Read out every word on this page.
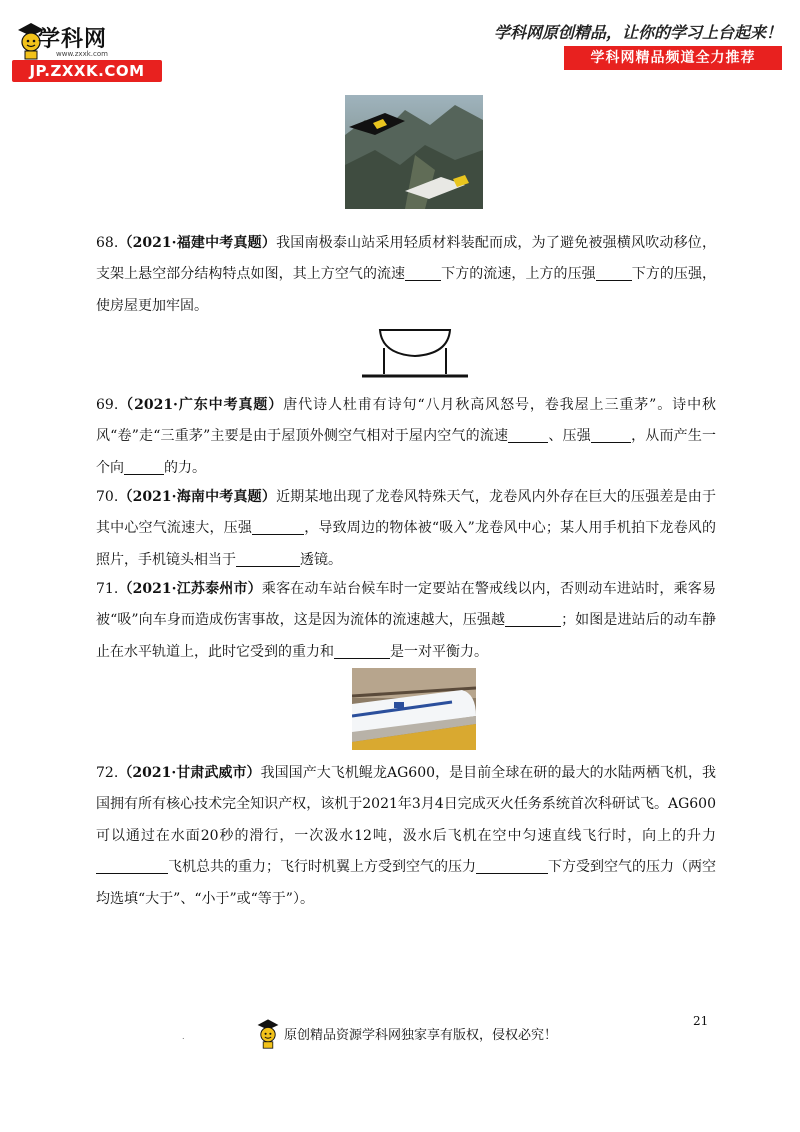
学科网
www.zxxk.com
JP.ZXXK.COM
学科网原创精品，让你的学习上台起来！
学科网精品频道全力推荐
68.（2021·福建中考真题）我国南极泰山站采用轻质材料装配而成，为了避免被强横风吹动移位，支架上悬空部分结构特点如图，其上方空气的流速	下方的流速，上方的压强	下方的压强，使房屋更加牢固。
69.（2021·广东中考真题）唐代诗人杜甫有诗句“八月秋高风怒号，卷我屋上三重茅”。诗中秋风“卷”走“三重茅”主要是由于屋顶外侧空气相对于屋内空气的流速	、压强	，从而产生一个向	的力。
70.（2021·海南中考真题）近期某地出现了龙卷风特殊天气，龙卷风内外存在巨大的压强差是由于其中心空气流速大，压强	，导致周边的物体被“吸入”龙卷风中心；某人用手机拍下龙卷风的照片，手机镜头相当于	透镜。
71.（2021·江苏泰州市）乘客在动车站台候车时一定要站在警戒线以内，否则动车进站时，乘客易被“吸”向车身而造成伤害事故，这是因为流体的流速越大，压强越	；如图是进站后的动车静止在水平轨道上，此时它受到的重力和	是一对平衡力。
72.（2021·甘肃武威市）我国国产大飞机鲲龙AG600，是目前全球在研的最大的水陆两栖飞机，我国拥有所有核心技术完全知识产权，该机于2021年3月4日完成灭火任务系统首次科研试飞。AG600可以通过在水面20秒的滑行，一次汲水12吨，汲水后飞机在空中匀速直线飞行时，向上的升力飞机总共的重力；飞行时机翼上方受到空气的压力	下方受到空气的压力（两空均选填“大于”、“小于”或“等于”）。
21
.	原创精品资源学科网独家享有版权，侵权必究！
